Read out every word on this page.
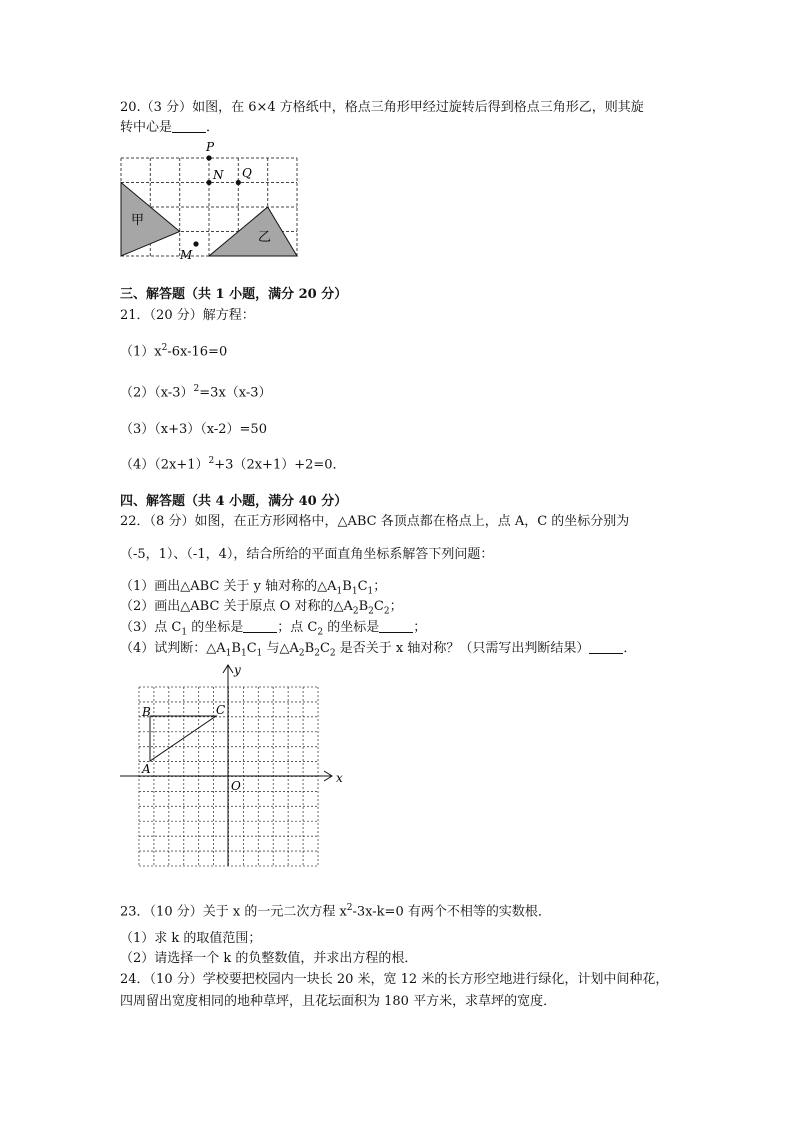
20.（3 分）如图，在 6×4 方格纸中，格点三角形甲经过旋转后得到格点三角形乙，则其旋
转中心是	．
P
N Q
M
甲
乙
三、解答题（共 1 小题，满分 20 分）
21．（20 分）解方程：
$(1)x^2-6x-16=0$
$(2)(x-3)^2=3x(x-3)$
（3）（x+3）（x-2）=50
$(4)(2x+1)^2+3(2x+1)+2=0$．
四、解答题（共 4 小题，满分 40 分）
22．（8 分）如图，在正方形网格中，△ABC 各顶点都在格点上，点 A，C 的坐标分别为
（-5，1）、（-1，4），结合所给的平面直角坐标系解答下列问题：
（1）画出△ABC 关于 y 轴对称的$\triangle A_1B_1C_1$；
（2）画出△ABC 关于原点 O 对称的$\triangle A_2B_2C_2$；
（3）点 $C_1$ 的坐标是	；点 $C_2$ 的坐标是	；
（4）试判断：$\triangle A_1B_1C_1$ 与$\triangle A_2B_2C_2$ 是否关于 x 轴对称？（只需写出判断结果）	．
x
y
O
A
B	C
23．（10 分）关于 x 的一元二次方程 $x^2-3x-k=0$ 有两个不相等的实数根．
（1）求 k 的取值范围；
（2）请选择一个 k 的负整数值，并求出方程的根．
24．（10 分）学校要把校园内一块长 20 米，宽 12 米的长方形空地进行绿化，计划中间种花，
四周留出宽度相同的地种草坪，且花坛面积为 180 平方米，求草坪的宽度．
